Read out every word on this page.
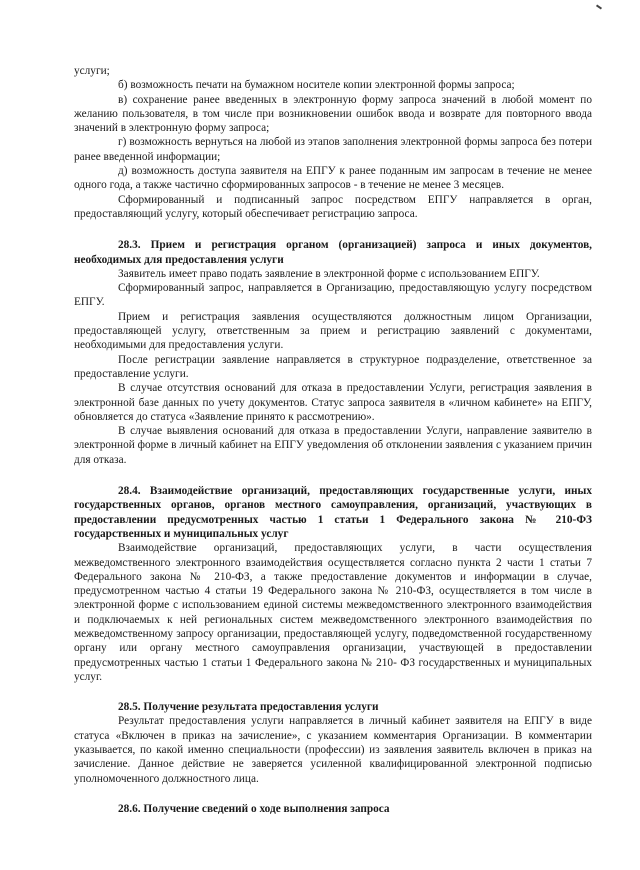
услуги;

б) возможность печати на бумажном носителе копии электронной формы запроса;

в) сохранение ранее введенных в электронную форму запроса значений в любой момент по желанию пользователя, в том числе при возникновении ошибок ввода и возврате для повторного ввода значений в электронную форму запроса;

г) возможность вернуться на любой из этапов заполнения электронной формы запроса без потери ранее введенной информации;

д) возможность доступа заявителя на ЕПГУ к ранее поданным им запросам в течение не менее одного года, а также частично сформированных запросов - в течение не менее 3 месяцев.

Сформированный и подписанный запрос посредством ЕПГУ направляется в орган, предоставляющий услугу, который обеспечивает регистрацию запроса.

28.3. Прием и регистрация органом (организацией) запроса и иных документов, необходимых для предоставления услуги

Заявитель имеет право подать заявление в электронной форме с использованием ЕПГУ.

Сформированный запрос, направляется в Организацию, предоставляющую услугу посредством ЕПГУ.

Прием и регистрация заявления осуществляются должностным лицом Организации, предоставляющей услугу, ответственным за прием и регистрацию заявлений с документами, необходимыми для предоставления услуги.

После регистрации заявление направляется в структурное подразделение, ответственное за предоставление услуги.

В случае отсутствия оснований для отказа в предоставлении Услуги, регистрация заявления в электронной базе данных по учету документов. Статус запроса заявителя в «личном кабинете» на ЕПГУ, обновляется до статуса «Заявление принято к рассмотрению».

В случае выявления оснований для отказа в предоставлении Услуги, направление заявителю в электронной форме в личный кабинет на ЕПГУ уведомления об отклонении заявления с указанием причин для отказа.

28.4. Взаимодействие организаций, предоставляющих государственные услуги, иных государственных органов, органов местного самоуправления, организаций, участвующих в предоставлении предусмотренных частью 1 статьи 1 Федерального закона № 210-ФЗ государственных и муниципальных услуг

Взаимодействие организаций, предоставляющих услуги, в части осуществления межведомственного электронного взаимодействия осуществляется согласно пункта 2 части 1 статьи 7 Федерального закона № 210-ФЗ, а также предоставление документов и информации в случае, предусмотренном частью 4 статьи 19 Федерального закона № 210-ФЗ, осуществляется в том числе в электронной форме с использованием единой системы межведомственного электронного взаимодействия и подключаемых к ней региональных систем межведомственного электронного взаимодействия по межведомственному запросу организации, предоставляющей услугу, подведомственной государственному органу или органу местного самоуправления организации, участвующей в предоставлении предусмотренных частью 1 статьи 1 Федерального закона № 210- ФЗ государственных и муниципальных услуг.

28.5. Получение результата предоставления услуги

Результат предоставления услуги направляется в личный кабинет заявителя на ЕПГУ в виде статуса «Включен в приказ на зачисление», с указанием комментария Организации. В комментарии указывается, по какой именно специальности (профессии) из заявления заявитель включен в приказ на зачисление. Данное действие не заверяется усиленной квалифицированной электронной подписью уполномоченного должностного лица.

28.6. Получение сведений о ходе выполнения запроса
